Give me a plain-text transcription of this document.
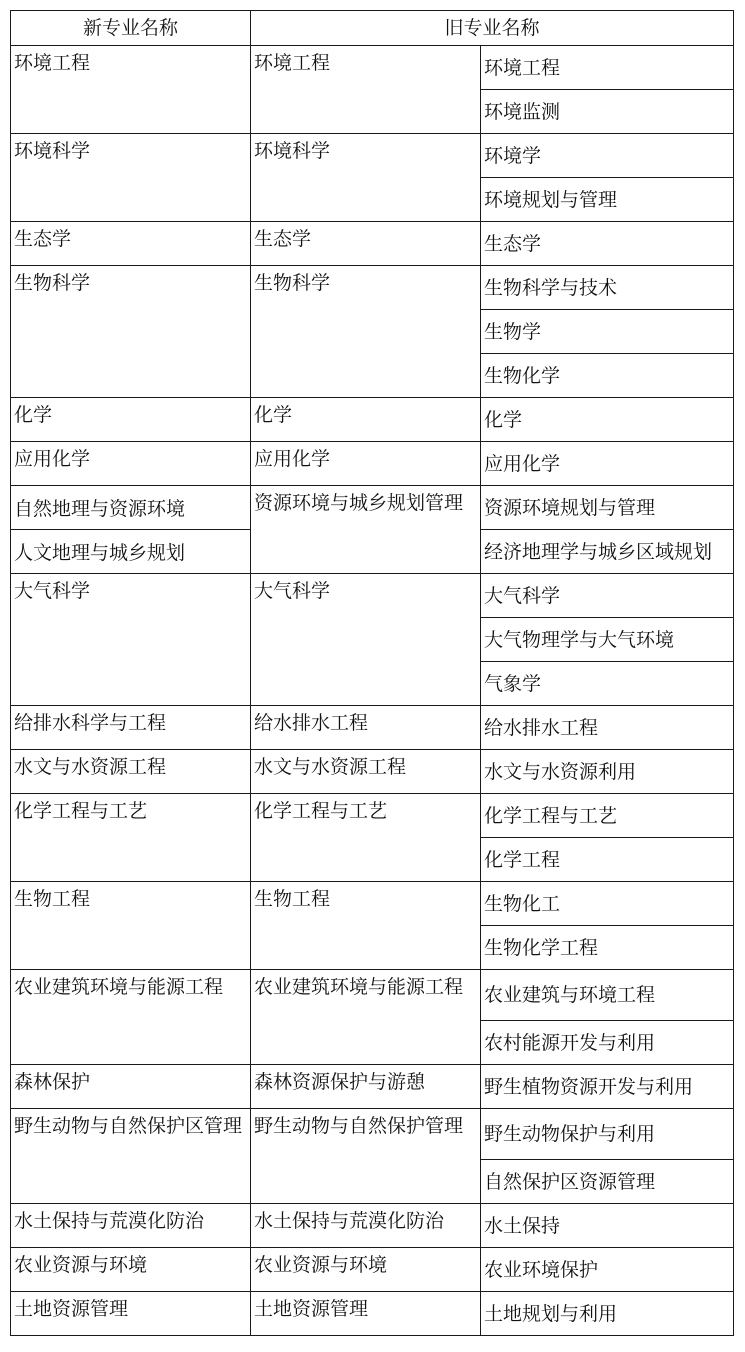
新专业名称	旧专业名称	
环境工程	环境工程	环境工程
		环境监测
环境科学	环境科学	环境学
		环境规划与管理
生态学	生态学	生态学
生物科学	生物科学	生物科学与技术
		生物学
		生物化学
化学	化学	化学
应用化学	应用化学	应用化学
自然地理与资源环境	资源环境与城乡规划管理	资源环境规划与管理
人文地理与城乡规划		经济地理学与城乡区域规划
大气科学	大气科学	大气科学
		大气物理学与大气环境
		气象学
给排水科学与工程	给水排水工程	给水排水工程
水文与水资源工程	水文与水资源工程	水文与水资源利用
化学工程与工艺	化学工程与工艺	化学工程与工艺
		化学工程
生物工程	生物工程	生物化工
		生物化学工程
农业建筑环境与能源工程	农业建筑环境与能源工程	农业建筑与环境工程
		农村能源开发与利用
森林保护	森林资源保护与游憩	野生植物资源开发与利用
野生动物与自然保护区管理	野生动物与自然保护管理	野生动物保护与利用
		自然保护区资源管理
水土保持与荒漠化防治	水土保持与荒漠化防治	水土保持
农业资源与环境	农业资源与环境	农业环境保护
土地资源管理	土地资源管理	土地规划与利用
